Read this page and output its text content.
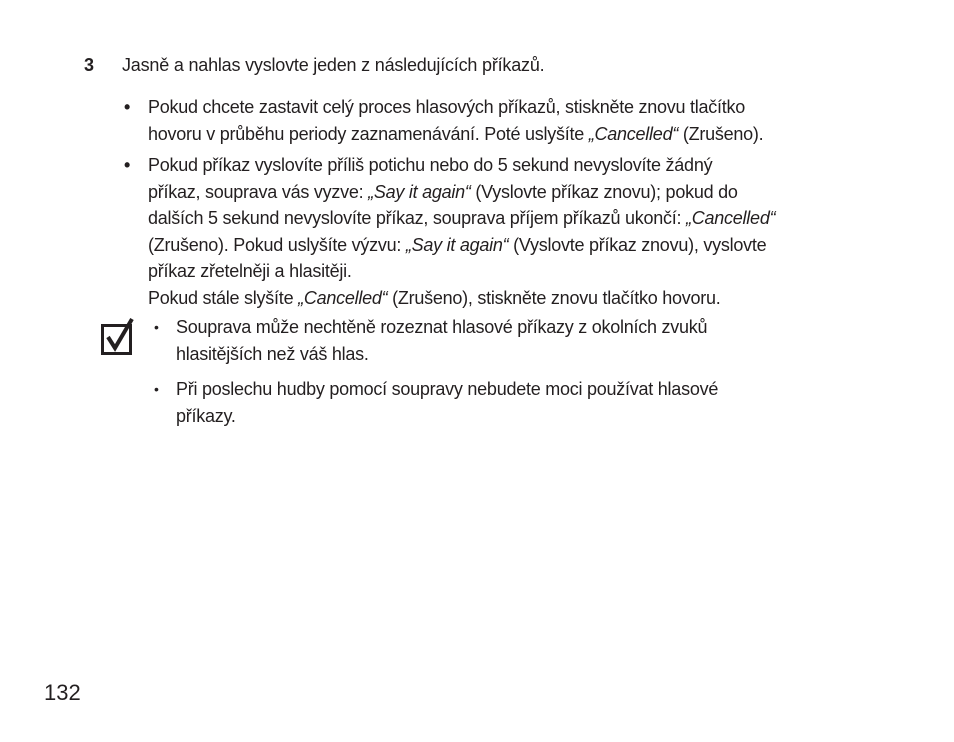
3 Jasně a nahlas vyslovte jeden z následujících příkazů.
• Pokud chcete zastavit celý proces hlasových příkazů, stiskněte znovu tlačítko
hovoru v průběhu periody zaznamenávání. Poté uslyšíte „Cancelled“ (Zrušeno).
• Pokud příkaz vyslovíte příliš potichu nebo do 5 sekund nevyslovíte žádný
příkaz, souprava vás vyzve: „Say it again“ (Vyslovte příkaz znovu); pokud do
dalších 5 sekund nevyslovíte příkaz, souprava příjem příkazů ukončí: „Cancelled“
(Zrušeno). Pokud uslyšíte výzvu: „Say it again“ (Vyslovte příkaz znovu), vyslovte
příkaz zřetelněji a hlasitěji.
Pokud stále slyšíte „Cancelled“ (Zrušeno), stiskněte znovu tlačítko hovoru.
• Souprava může nechtěně rozeznat hlasové příkazy z okolních zvuků
hlasitějších než váš hlas.
• Při poslechu hudby pomocí soupravy nebudete moci používat hlasové
příkazy.
132
